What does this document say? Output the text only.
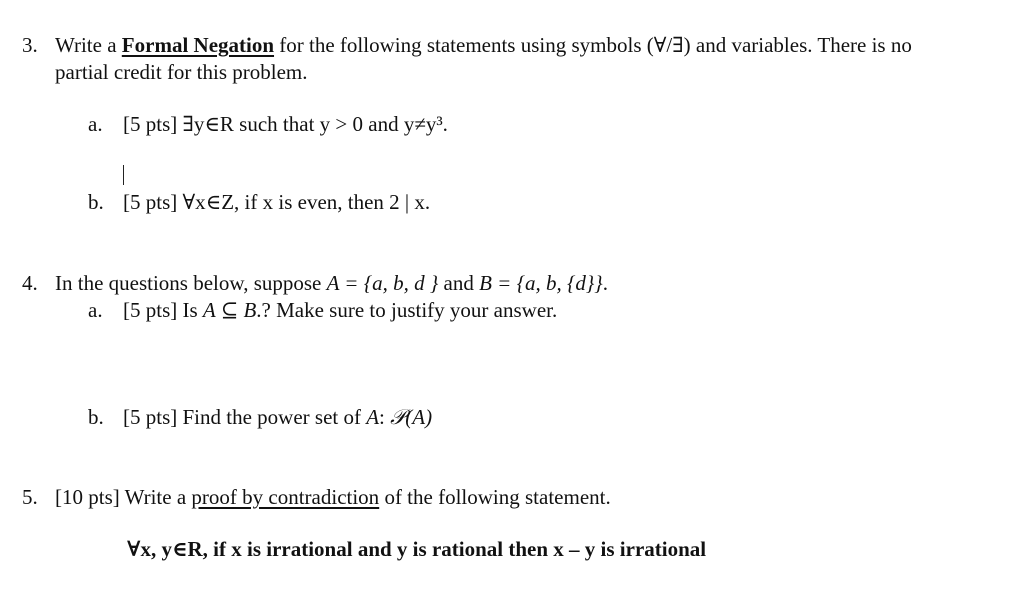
3. Write a Formal Negation for the following statements using symbols (∀/∃) and variables. There is no
partial credit for this problem.
a. [5 pts] ∃y∈R such that y > 0 and y≠y³.
b. [5 pts] ∀x∈Z, if x is even, then 2 | x.
4. In the questions below, suppose A = {a, b, d } and B = {a, b, {d}}.
a. [5 pts] Is A ⊆ B.? Make sure to justify your answer.
b. [5 pts] Find the power set of A: 𝒫(A)
5. [10 pts] Write a proof by contradiction of the following statement.
∀x, y∈R, if x is irrational and y is rational then x – y is irrational
